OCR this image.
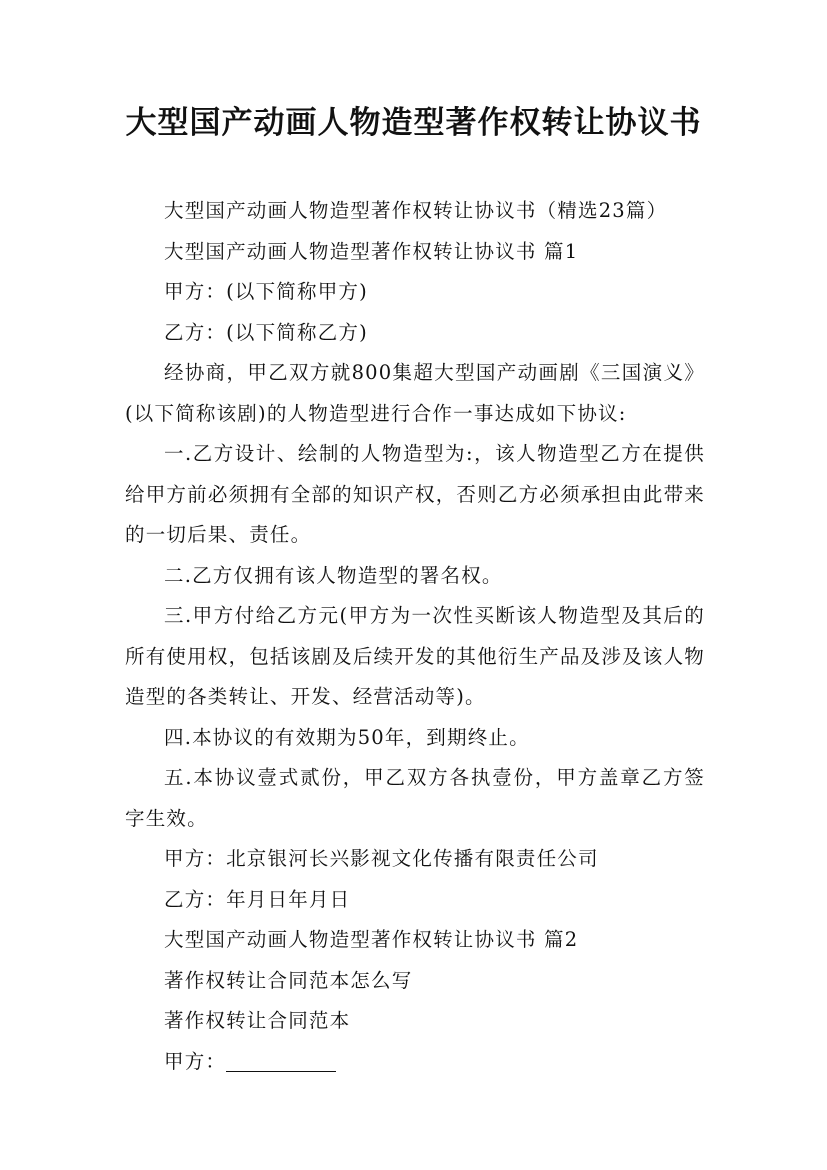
大型国产动画人物造型著作权转让协议书

大型国产动画人物造型著作权转让协议书（精选23篇）

大型国产动画人物造型著作权转让协议书 篇1

甲方：(以下简称甲方)

乙方：(以下简称乙方)

经协商，甲乙双方就800集超大型国产动画剧《三国演义》(以下简称该剧)的人物造型进行合作一事达成如下协议:

一.乙方设计、绘制的人物造型为:，该人物造型乙方在提供给甲方前必须拥有全部的知识产权，否则乙方必须承担由此带来的一切后果、责任。

二.乙方仅拥有该人物造型的署名权。

三.甲方付给乙方元(甲方为一次性买断该人物造型及其后的所有使用权，包括该剧及后续开发的其他衍生产品及涉及该人物造型的各类转让、开发、经营活动等)。

四.本协议的有效期为50年，到期终止。

五.本协议壹式贰份，甲乙双方各执壹份，甲方盖章乙方签字生效。

甲方：北京银河长兴影视文化传播有限责任公司

乙方：年月日年月日

大型国产动画人物造型著作权转让协议书 篇2

著作权转让合同范本怎么写

著作权转让合同范本

甲方：
